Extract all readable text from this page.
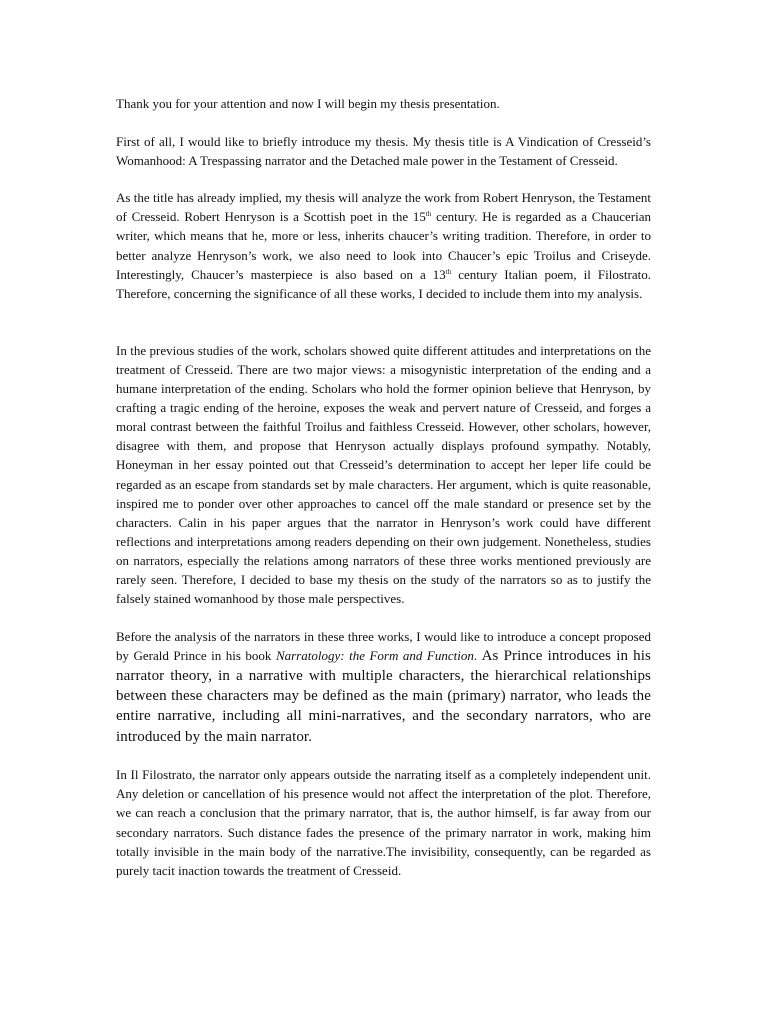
Thank you for your attention and now I will begin my thesis presentation.

First of all, I would like to briefly introduce my thesis. My thesis title is A Vindication of Cresseid’s Womanhood: A Trespassing narrator and the Detached male power in the Testament of Cresseid.

As the title has already implied, my thesis will analyze the work from Robert Henryson, the Testament of Cresseid. Robert Henryson is a Scottish poet in the 15th century. He is regarded as a Chaucerian writer, which means that he, more or less, inherits chaucer’s writing tradition. Therefore, in order to better analyze Henryson’s work, we also need to look into Chaucer’s epic Troilus and Criseyde. Interestingly, Chaucer’s masterpiece is also based on a 13th century Italian poem, il Filostrato. Therefore, concerning the significance of all these works, I decided to include them into my analysis.

In the previous studies of the work, scholars showed quite different attitudes and interpretations on the treatment of Cresseid. There are two major views: a misogynistic interpretation of the ending and a humane interpretation of the ending. Scholars who hold the former opinion believe that Henryson, by crafting a tragic ending of the heroine, exposes the weak and pervert nature of Cresseid, and forges a moral contrast between the faithful Troilus and faithless Cresseid. However, other scholars, however, disagree with them, and propose that Henryson actually displays profound sympathy. Notably, Honeyman in her essay pointed out that Cresseid’s determination to accept her leper life could be regarded as an escape from standards set by male characters. Her argument, which is quite reasonable, inspired me to ponder over other approaches to cancel off the male standard or presence set by the characters. Calin in his paper argues that the narrator in Henryson’s work could have different reflections and interpretations among readers depending on their own judgement. Nonetheless, studies on narrators, especially the relations among narrators of these three works mentioned previously are rarely seen. Therefore, I decided to base my thesis on the study of the narrators so as to justify the falsely stained womanhood by those male perspectives.

Before the analysis of the narrators in these three works, I would like to introduce a concept proposed by Gerald Prince in his book Narratology: the Form and Function. As Prince introduces in his narrator theory, in a narrative with multiple characters, the hierarchical relationships between these characters may be defined as the main (primary) narrator, who leads the entire narrative, including all mini-narratives, and the secondary narrators, who are introduced by the main narrator.

In Il Filostrato, the narrator only appears outside the narrating itself as a completely independent unit. Any deletion or cancellation of his presence would not affect the interpretation of the plot. Therefore, we can reach a conclusion that the primary narrator, that is, the author himself, is far away from our secondary narrators. Such distance fades the presence of the primary narrator in work, making him totally invisible in the main body of the narrative.The invisibility, consequently, can be regarded as purely tacit inaction towards the treatment of Cresseid.
